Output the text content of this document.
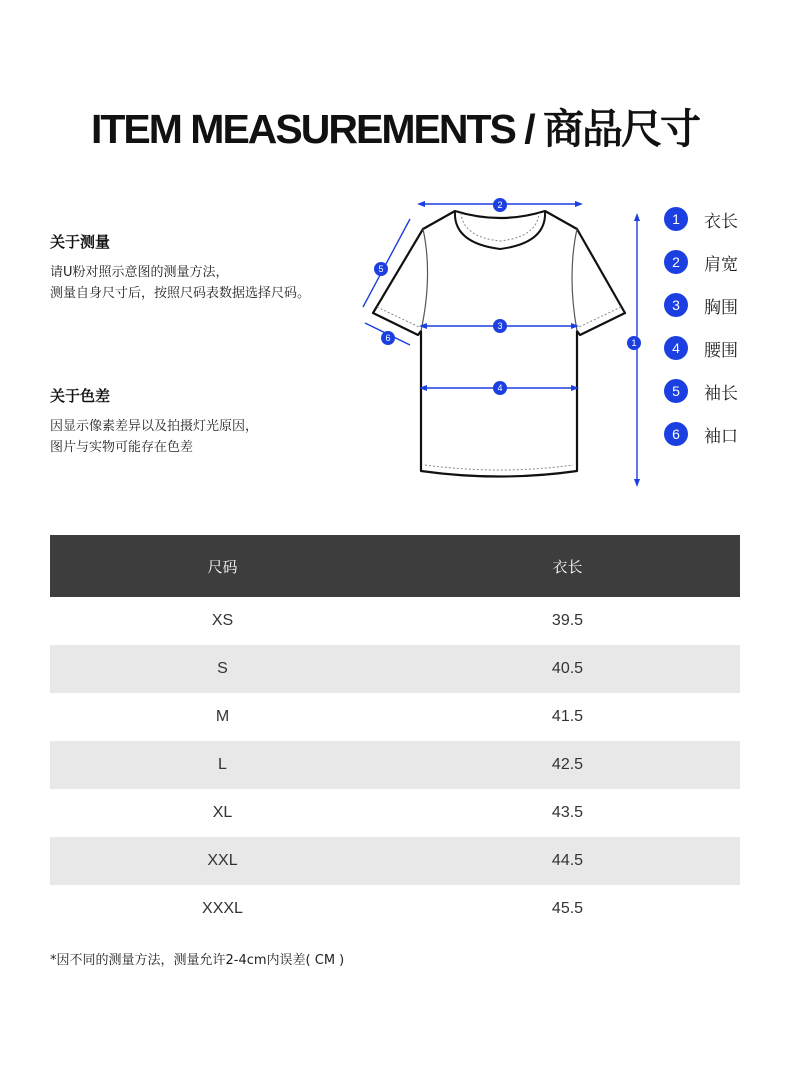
ITEM MEASUREMENTS / 商品尺寸
关于测量
请U粉对照示意图的测量方法，
测量自身尺寸后，按照尺码表数据选择尺码。
关于色差
因显示像素差异以及拍摄灯光原因，
图片与实物可能存在色差
2
1
3
4
5
6
1	衣长
2	肩宽
3	胸围
4	腰围
5	袖长
6	袖口
尺码	衣长
XS	39.5
S	40.5
M	41.5
L	42.5
XL	43.5
XXL	44.5
XXXL	45.5
*因不同的测量方法，测量允许2-4cm内误差( CM )
